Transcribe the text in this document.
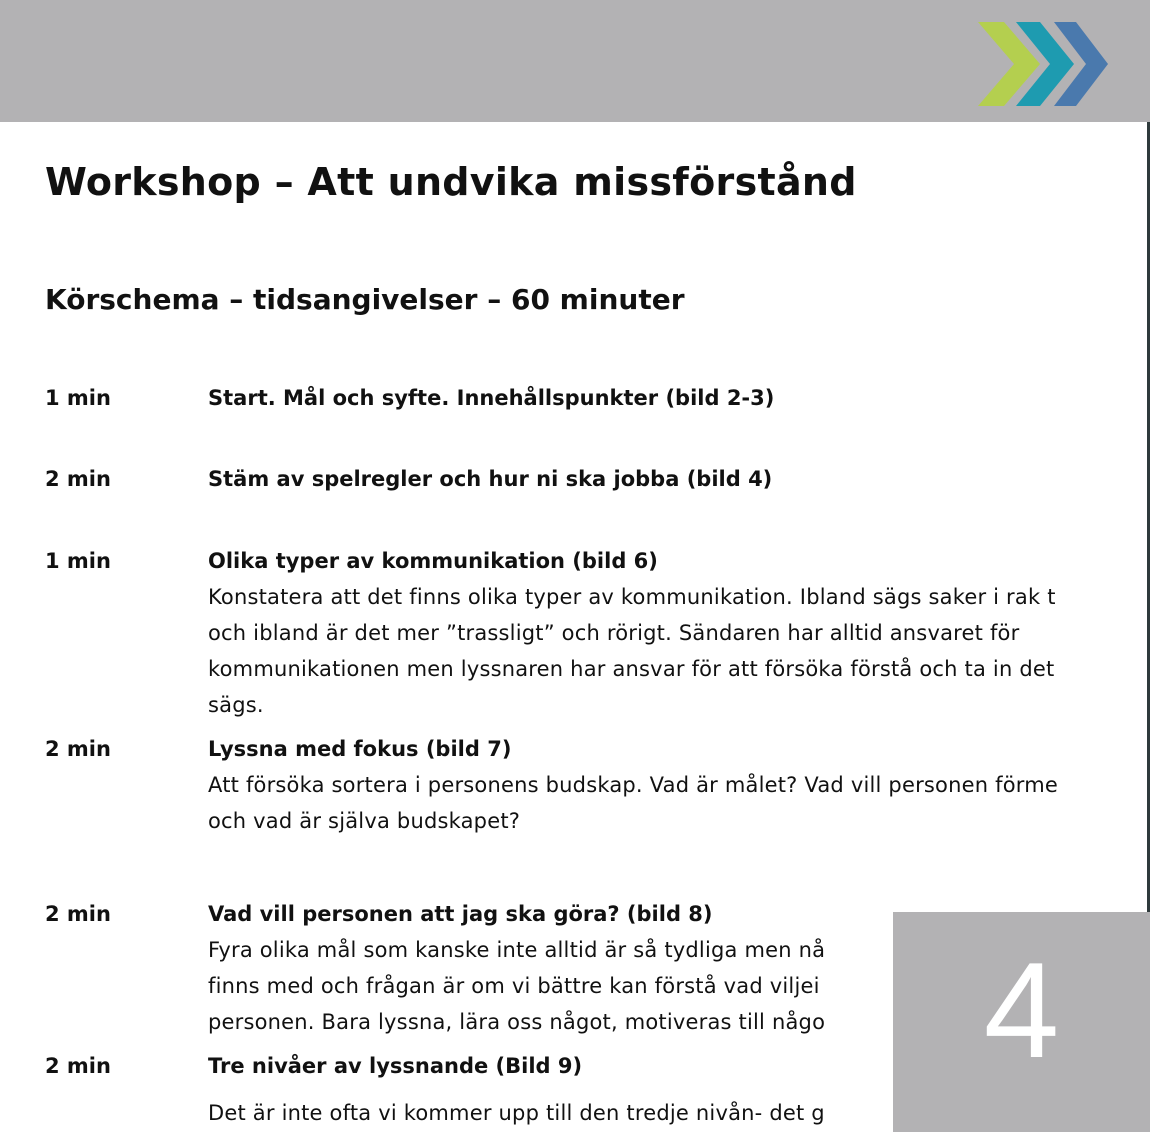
Workshop – Att undvika missförstånd
Körschema – tidsangivelser – 60 minuter
1 min	Start. Mål och syfte. Innehållspunkter (bild 2-3)
2 min	Stäm av spelregler och hur ni ska jobba (bild 4)
1 min	Olika typer av kommunikation (bild 6)
Konstatera att det finns olika typer av kommunikation. Ibland sägs saker i rak t
och ibland är det mer ”trassligt” och rörigt. Sändaren har alltid ansvaret för
kommunikationen men lyssnaren har ansvar för att försöka förstå och ta in det
sägs.
2 min	Lyssna med fokus (bild 7)
Att försöka sortera i personens budskap. Vad är målet? Vad vill personen förme
och vad är själva budskapet?
2 min	Vad vill personen att jag ska göra? (bild 8)
Fyra olika mål som kanske inte alltid är så tydliga men nå
finns med och frågan är om vi bättre kan förstå vad viljei
personen. Bara lyssna, lära oss något, motiveras till någo
2 min	Tre nivåer av lyssnande (Bild 9)
Det är inte ofta vi kommer upp till den tredje nivån- det g
4
